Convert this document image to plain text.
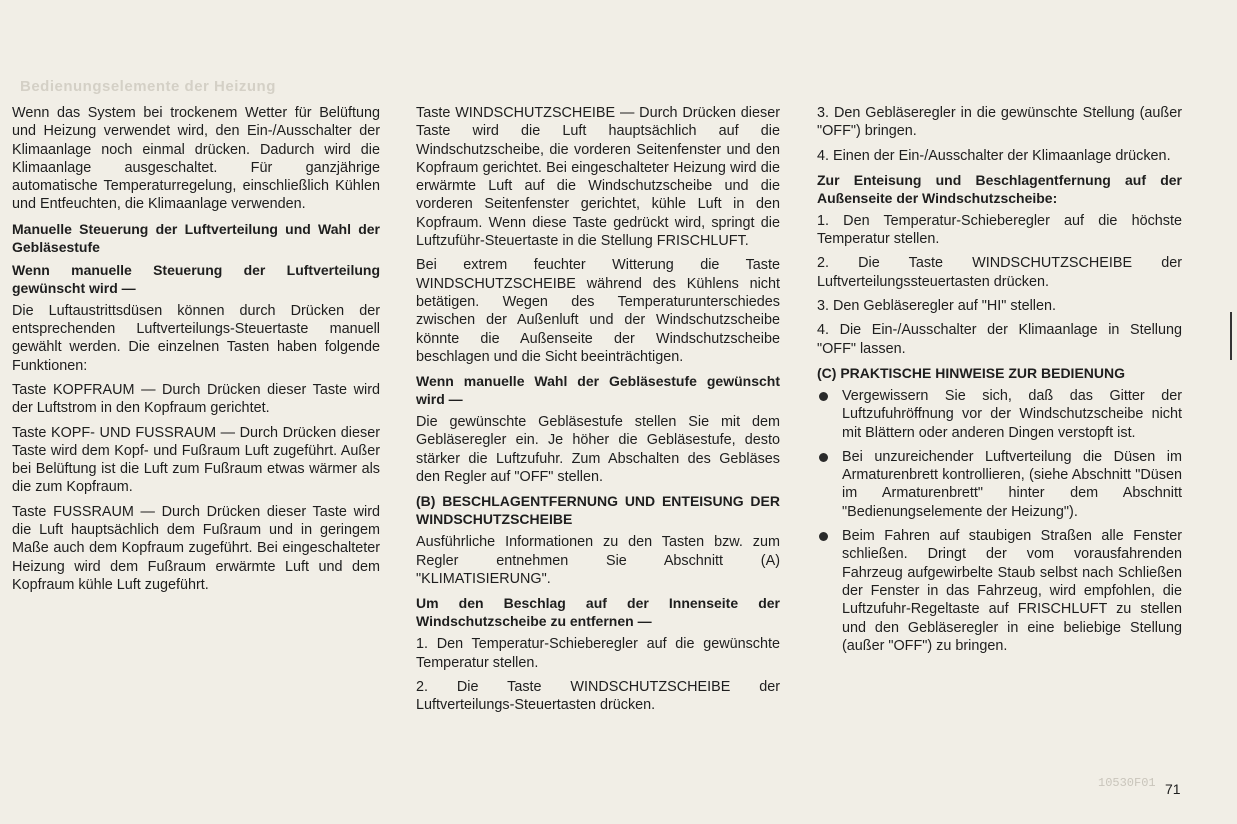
Bedienungselemente der Heizung

Wenn das System bei trockenem Wetter für Belüftung und Heizung verwendet wird, den Ein-/Ausschalter der Klimaanlage noch einmal drücken. Dadurch wird die Klimaanlage ausgeschaltet. Für ganzjährige automatische Temperaturregelung, einschließlich Kühlen und Entfeuchten, die Klimaanlage verwenden.

Manuelle Steuerung der Luftverteilung und Wahl der Gebläsestufe

Wenn manuelle Steuerung der Luftverteilung gewünscht wird —

Die Luftaustrittsdüsen können durch Drücken der entsprechenden Luftverteilungs-Steuertaste manuell gewählt werden. Die einzelnen Tasten haben folgende Funktionen:

Taste KOPFRAUM — Durch Drücken dieser Taste wird der Luftstrom in den Kopfraum gerichtet.

Taste KOPF- UND FUSSRAUM — Durch Drücken dieser Taste wird dem Kopf- und Fußraum Luft zugeführt. Außer bei Belüftung ist die Luft zum Fußraum etwas wärmer als die zum Kopfraum.

Taste FUSSRAUM — Durch Drücken dieser Taste wird die Luft hauptsächlich dem Fußraum und in geringem Maße auch dem Kopfraum zugeführt. Bei eingeschalteter Heizung wird dem Fußraum erwärmte Luft und dem Kopfraum kühle Luft zugeführt.

Taste WINDSCHUTZSCHEIBE — Durch Drücken dieser Taste wird die Luft hauptsächlich auf die Windschutzscheibe, die vorderen Seitenfenster und den Kopfraum gerichtet. Bei eingeschalteter Heizung wird die erwärmte Luft auf die Windschutzscheibe und die vorderen Seitenfenster gerichtet, kühle Luft in den Kopfraum. Wenn diese Taste gedrückt wird, springt die Luftzuführ-Steuertaste in die Stellung FRISCHLUFT.

Bei extrem feuchter Witterung die Taste WINDSCHUTZSCHEIBE während des Kühlens nicht betätigen. Wegen des Temperaturunterschiedes zwischen der Außenluft und der Windschutzscheibe könnte die Außenseite der Windschutzscheibe beschlagen und die Sicht beeinträchtigen.

Wenn manuelle Wahl der Gebläsestufe gewünscht wird —

Die gewünschte Gebläsestufe stellen Sie mit dem Gebläseregler ein. Je höher die Gebläsestufe, desto stärker die Luftzufuhr. Zum Abschalten des Gebläses den Regler auf "OFF" stellen.

(B) BESCHLAGENTFERNUNG UND ENTEISUNG DER WINDSCHUTZSCHEIBE

Ausführliche Informationen zu den Tasten bzw. zum Regler entnehmen Sie Abschnitt (A) "KLIMATISIERUNG".

Um den Beschlag auf der Innenseite der Windschutzscheibe zu entfernen —

1. Den Temperatur-Schieberegler auf die gewünschte Temperatur stellen.

2. Die Taste WINDSCHUTZSCHEIBE der Luftverteilungs-Steuertasten drücken.

3. Den Gebläseregler in die gewünschte Stellung (außer "OFF") bringen.

4. Einen der Ein-/Ausschalter der Klimaanlage drücken.

Zur Enteisung und Beschlagentfernung auf der Außenseite der Windschutzscheibe:

1. Den Temperatur-Schieberegler auf die höchste Temperatur stellen.

2. Die Taste WINDSCHUTZSCHEIBE der Luftverteilungssteuertasten drücken.

3. Den Gebläseregler auf "HI" stellen.

4. Die Ein-/Ausschalter der Klimaanlage in Stellung "OFF" lassen.

(C) PRAKTISCHE HINWEISE ZUR BEDIENUNG

Vergewissern Sie sich, daß das Gitter der Luftzufuhröffnung vor der Windschutzscheibe nicht mit Blättern oder anderen Dingen verstopft ist.
Bei unzureichender Luftverteilung die Düsen im Armaturenbrett kontrollieren, (siehe Abschnitt "Düsen im Armaturenbrett" hinter dem Abschnitt "Bedienungselemente der Heizung").
Beim Fahren auf staubigen Straßen alle Fenster schließen. Dringt der vom vorausfahrenden Fahrzeug aufgewirbelte Staub selbst nach Schließen der Fenster in das Fahrzeug, wird empfohlen, die Luftzufuhr-Regeltaste auf FRISCHLUFT zu stellen und den Gebläseregler in eine beliebige Stellung (außer "OFF") zu bringen.
10530F01 71
